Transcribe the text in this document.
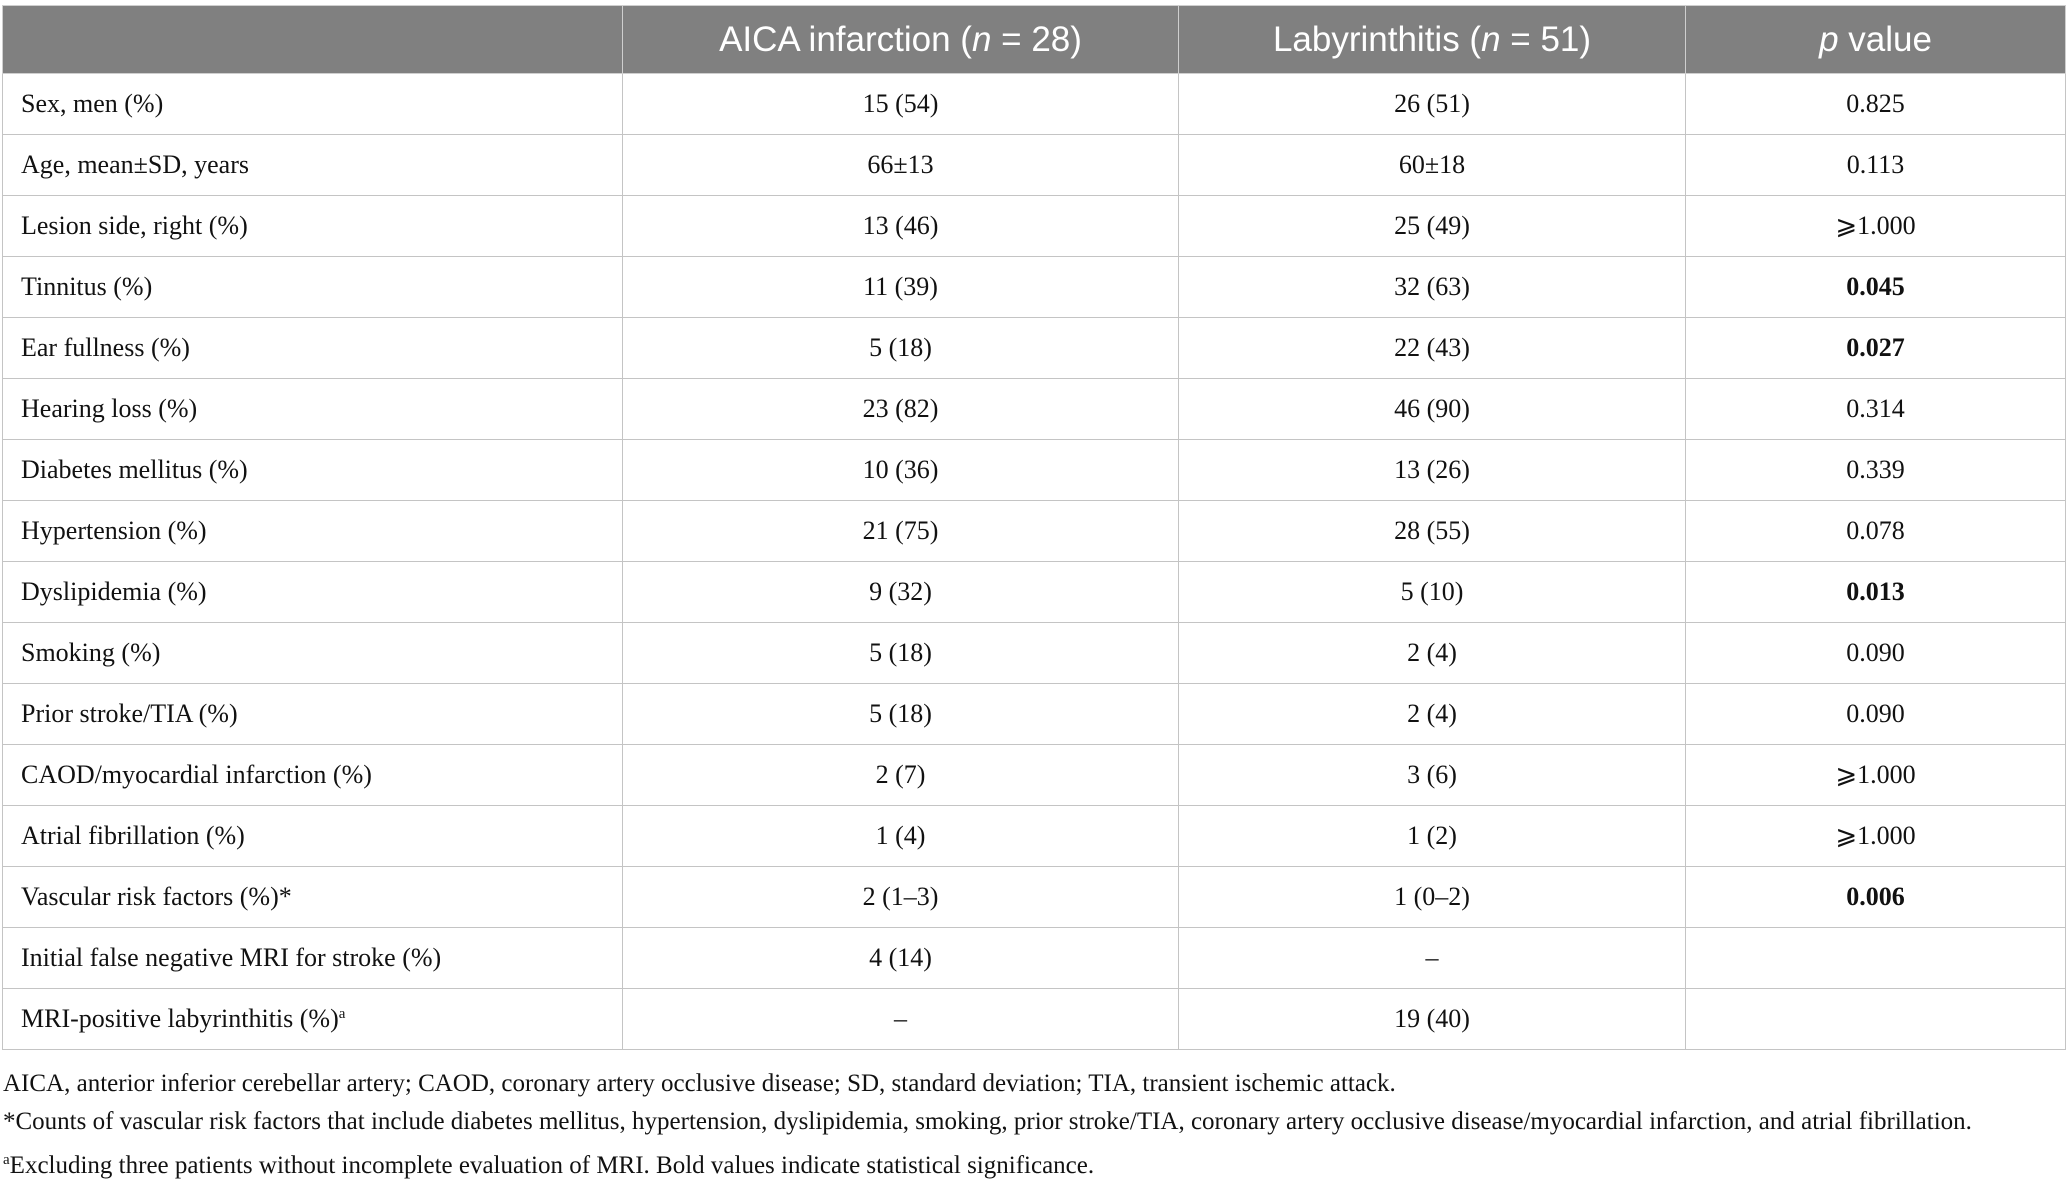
	AICA infarction (n = 28)	Labyrinthitis (n = 51)	p value
Sex, men (%)	15 (54)	26 (51)	0.825
Age, mean±SD, years	66±13	60±18	0.113
Lesion side, right (%)	13 (46)	25 (49)	⩾1.000
Tinnitus (%)	11 (39)	32 (63)	0.045
Ear fullness (%)	5 (18)	22 (43)	0.027
Hearing loss (%)	23 (82)	46 (90)	0.314
Diabetes mellitus (%)	10 (36)	13 (26)	0.339
Hypertension (%)	21 (75)	28 (55)	0.078
Dyslipidemia (%)	9 (32)	5 (10)	0.013
Smoking (%)	5 (18)	2 (4)	0.090
Prior stroke/TIA (%)	5 (18)	2 (4)	0.090
CAOD/myocardial infarction (%)	2 (7)	3 (6)	⩾1.000
Atrial fibrillation (%)	1 (4)	1 (2)	⩾1.000
Vascular risk factors (%)*	2 (1–3)	1 (0–2)	0.006
Initial false negative MRI for stroke (%)	4 (14)	–	
MRI-positive labyrinthitis (%)$^a$	–	19 (40)	
AICA, anterior inferior cerebellar artery; CAOD, coronary artery occlusive disease; SD, standard deviation; TIA, transient ischemic attack.
*Counts of vascular risk factors that include diabetes mellitus, hypertension, dyslipidemia, smoking, prior stroke/TIA, coronary artery occlusive disease/myocardial infarction, and atrial fibrillation. $^a$Excluding three patients without incomplete evaluation of MRI. Bold values indicate statistical significance.
